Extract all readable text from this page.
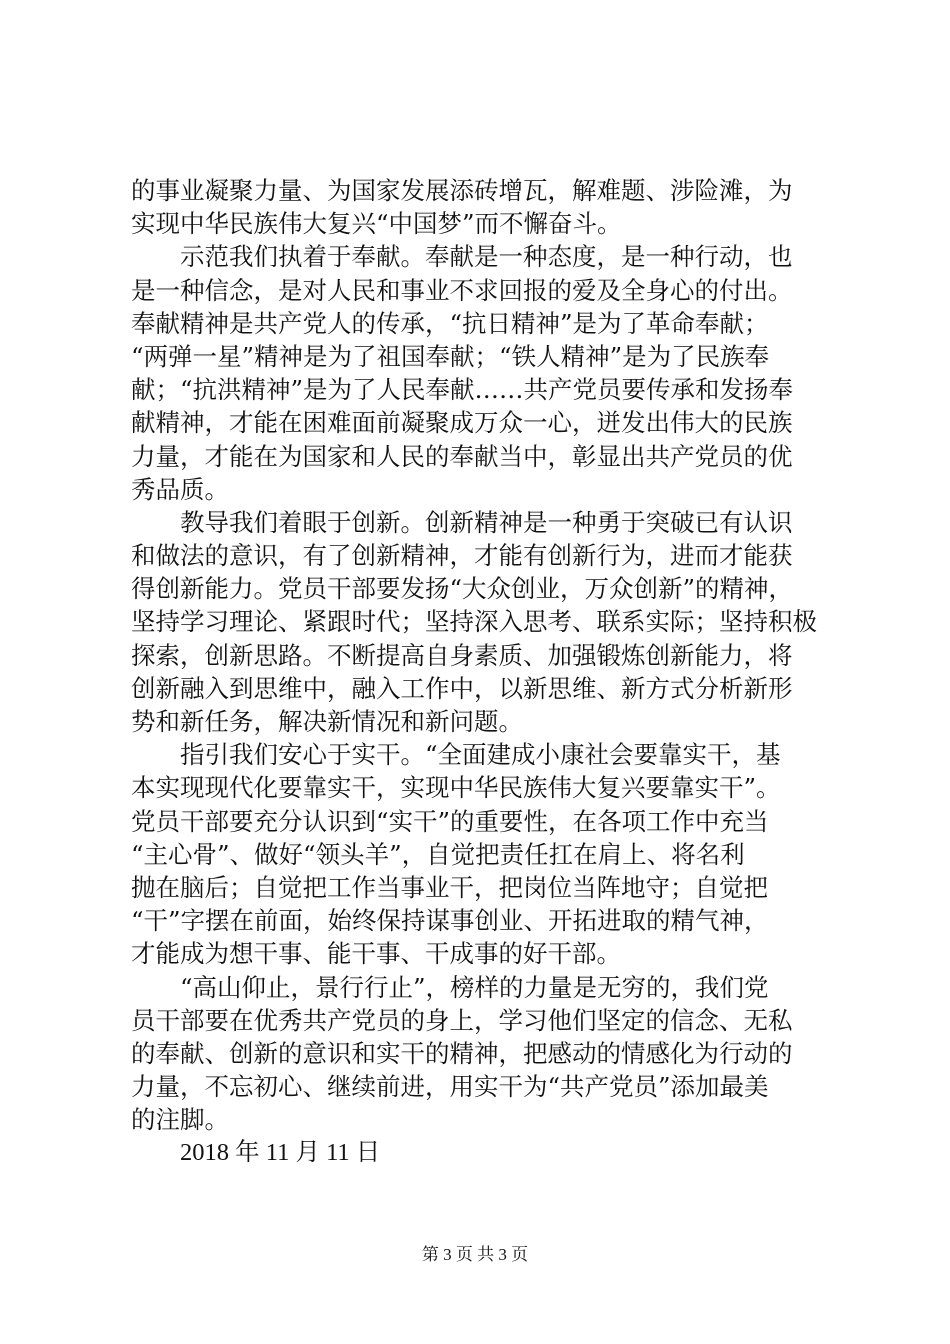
的事业凝聚力量、为国家发展添砖增瓦，解难题、涉险滩，为
实现中华民族伟大复兴“中国梦”而不懈奋斗。
示范我们执着于奉献。奉献是一种态度，是一种行动，也
是一种信念，是对人民和事业不求回报的爱及全身心的付出。
奉献精神是共产党人的传承，“抗日精神”是为了革命奉献；
“两弹一星”精神是为了祖国奉献；“铁人精神”是为了民族奉
献；“抗洪精神”是为了人民奉献……共产党员要传承和发扬奉
献精神，才能在困难面前凝聚成万众一心，迸发出伟大的民族
力量，才能在为国家和人民的奉献当中，彰显出共产党员的优
秀品质。
教导我们着眼于创新。创新精神是一种勇于突破已有认识
和做法的意识，有了创新精神，才能有创新行为，进而才能获
得创新能力。党员干部要发扬“大众创业，万众创新”的精神，
坚持学习理论、紧跟时代；坚持深入思考、联系实际；坚持积极
探索，创新思路。不断提高自身素质、加强锻炼创新能力，将
创新融入到思维中，融入工作中，以新思维、新方式分析新形
势和新任务，解决新情况和新问题。
指引我们安心于实干。“全面建成小康社会要靠实干，基
本实现现代化要靠实干，实现中华民族伟大复兴要靠实干”。
党员干部要充分认识到“实干”的重要性，在各项工作中充当
“主心骨”、做好“领头羊”，自觉把责任扛在肩上、将名利
抛在脑后；自觉把工作当事业干，把岗位当阵地守；自觉把
“干”字摆在前面，始终保持谋事创业、开拓进取的精气神，
才能成为想干事、能干事、干成事的好干部。
“高山仰止，景行行止”，榜样的力量是无穷的，我们党
员干部要在优秀共产党员的身上，学习他们坚定的信念、无私
的奉献、创新的意识和实干的精神，把感动的情感化为行动的
力量，不忘初心、继续前进，用实干为“共产党员”添加最美
的注脚。
2018 年 11 月 11 日
第 3 页 共 3 页
